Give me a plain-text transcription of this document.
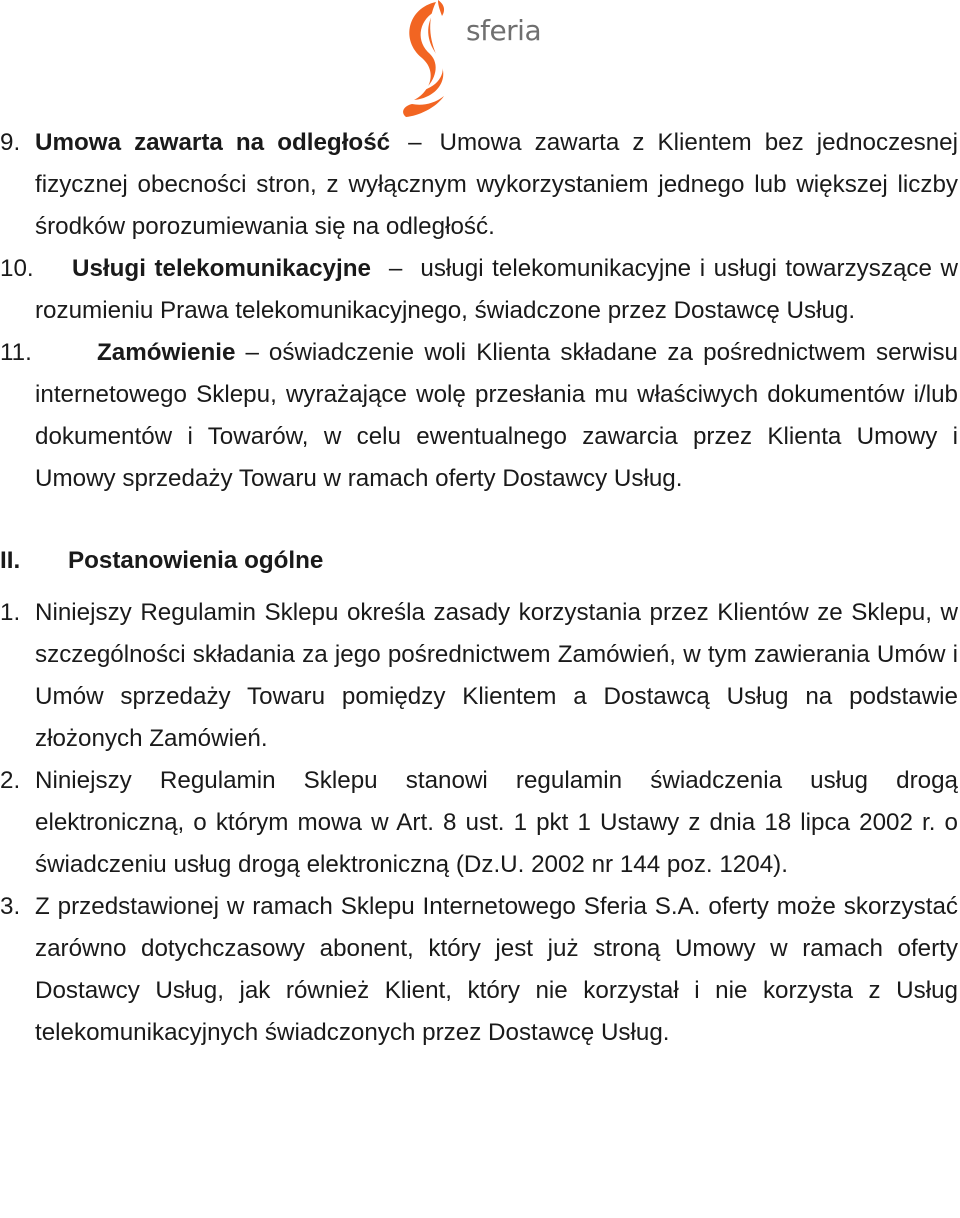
sferia
9. Umowa zawarta na odległość – Umowa zawarta z Klientem bez jednoczesnej fizycznej obecności stron, z wyłącznym wykorzystaniem jednego lub większej liczby środków porozumiewania się na odległość.
10. Usługi telekomunikacyjne – usługi telekomunikacyjne i usługi towarzyszące w rozumieniu Prawa telekomunikacyjnego, świadczone przez Dostawcę Usług.
11.	Zamówienie – oświadczenie woli Klienta składane za pośrednictwem serwisu internetowego Sklepu, wyrażające wolę przesłania mu właściwych dokumentów i/lub dokumentów i Towarów, w celu ewentualnego zawarcia przez Klienta Umowy i Umowy sprzedaży Towaru w ramach oferty Dostawcy Usług.
II. Postanowienia ogólne
1. Niniejszy Regulamin Sklepu określa zasady korzystania przez Klientów ze Sklepu, w szczególności składania za jego pośrednictwem Zamówień, w tym zawierania Umów i Umów sprzedaży Towaru pomiędzy Klientem a Dostawcą Usług na podstawie złożonych Zamówień.
2. Niniejszy Regulamin Sklepu stanowi regulamin świadczenia usług drogą elektroniczną, o którym mowa w Art. 8 ust. 1 pkt 1 Ustawy z dnia 18 lipca 2002 r. o świadczeniu usług drogą elektroniczną (Dz.U. 2002 nr 144 poz. 1204).
3. Z przedstawionej w ramach Sklepu Internetowego Sferia S.A. oferty może skorzystać zarówno dotychczasowy abonent, który jest już stroną Umowy w ramach oferty Dostawcy Usług, jak również Klient, który nie korzystał i nie korzysta z Usług telekomunikacyjnych świadczonych przez Dostawcę Usług.
